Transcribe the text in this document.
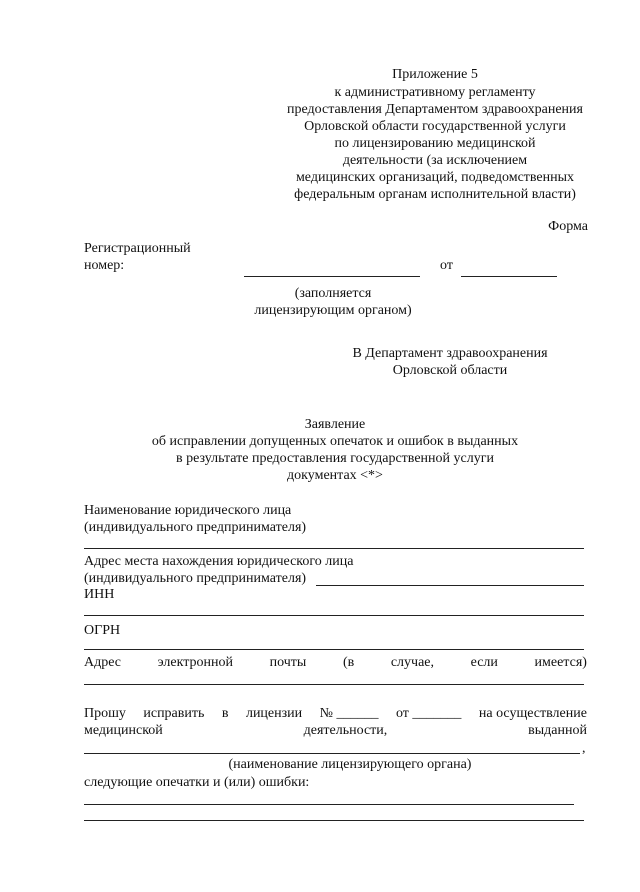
Приложение 5
к административному регламенту
предоставления Департаментом здравоохранения
Орловской области государственной услуги
по лицензированию медицинской
деятельности (за исключением
медицинских организаций, подведомственных
федеральным органам исполнительной власти)
Форма
Регистрационный
номер:	от
(заполняется
лицензирующим органом)
В Департамент здравоохранения
Орловской области
Заявление
об исправлении допущенных опечаток и ошибок в выданных
в результате предоставления государственной услуги
документах <*>
Наименование юридического лица
(индивидуального предпринимателя)
Адрес места нахождения юридического лица
(индивидуального предпринимателя)
ИНН
ОГРН
Адрес	электронной	почты	(в	случае,	если	имеется)
Прошу исправить в лицензии № ______ от _______ на осуществление
медицинской	деятельности,	выданной
,
(наименование лицензирующего органа)
следующие опечатки и (или) ошибки:
